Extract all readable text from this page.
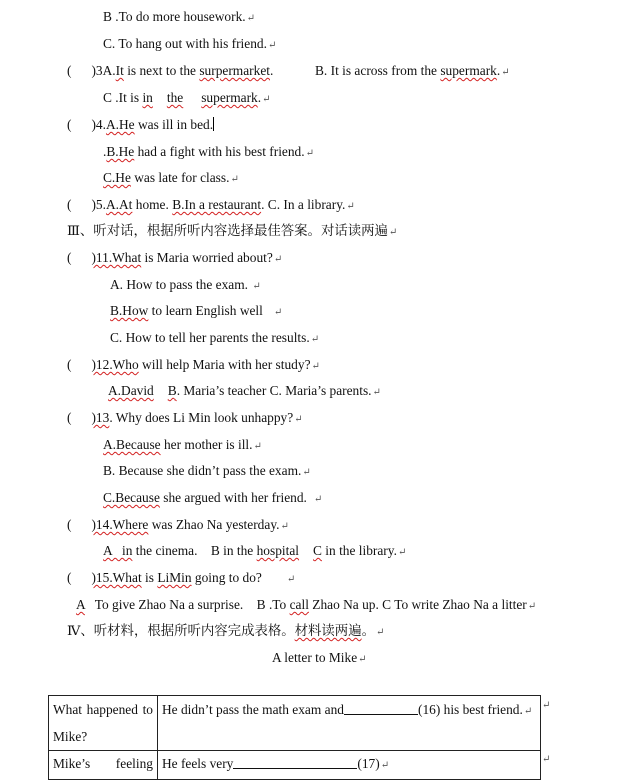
B .To do more housework.↵
C. To hang out with his friend.↵
( )3A.It is next to the surpermarket.	B. It is across from the supermark.↵
C .It is in the supermark.↵
( )4.A.He was ill in bed.
.B.He had a fight with his best friend.↵
C.He was late for class.↵
( )5.A.At home. B.In a restaurant. C. In a library.↵
Ⅲ、听对话，根据所听内容选择最佳答案。对话读两遍↵
( )11.What is Maria worried about?↵
A. How to pass the exam. ↵
B.How to learn English well ↵
C. How to tell her parents the results.↵
( )12.Who will help Maria with her study?↵
A.David B. Maria’s teacher C. Maria’s parents.↵
( )13. Why does Li Min look unhappy?↵
A.Because her mother is ill.↵
B. Because she didn’t pass the exam.↵
C.Because she argued with her friend. ↵
( )14.Where was Zhao Na yesterday.↵
A   in the cinema.    B in the hospital C in the library.↵
( )15.What is LiMin going to do?	↵
A   To give Zhao Na a surprise.    B .To call Zhao Na up. C To write Zhao Na a litter↵
Ⅳ、听材料，根据所听内容完成表格。材料读两遍。↵
A letter to Mike↵
What happened to Mike?	He didn’t pass the math exam and (16) his best friend.↵
Mike’s feeling	He feels very (17)↵
↵
↵
